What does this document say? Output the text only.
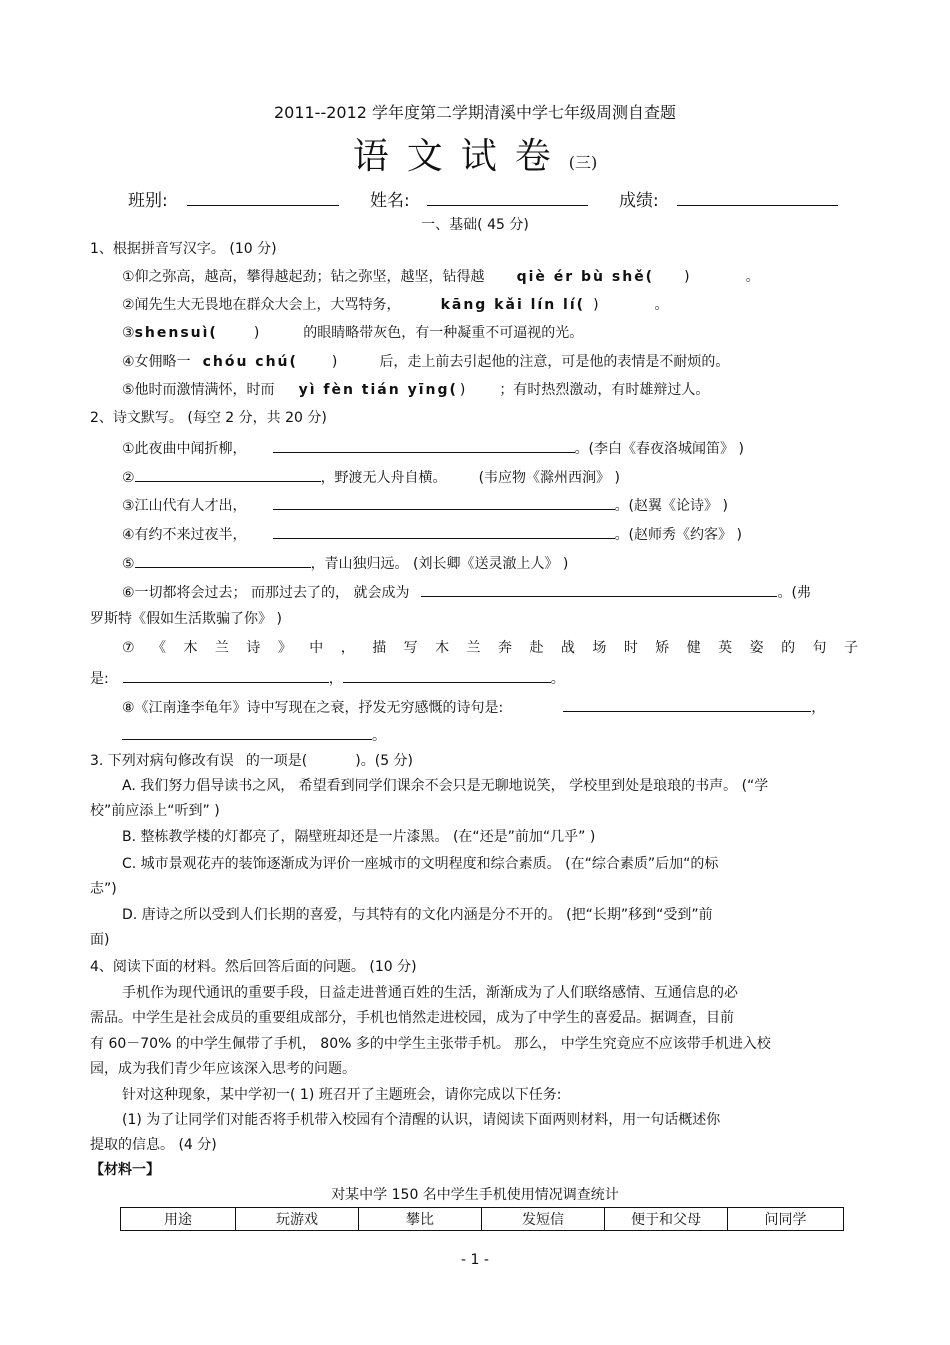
2011--2012 学年度第二学期清溪中学七年级周测自查题
语文试卷(三)
班别:	姓名:	成绩:
一、基础( 45 分)
1、根据拼音写汉字。 (10 分)
①仰之弥高，越高，攀得越起劲；钻之弥坚，越坚，钻得越 qiè ér bù shě( )	。
②闻先生大无畏地在群众大会上，大骂特务，	kāng kǎi lín lí( )	。
③shensuì(	)	的眼睛略带灰色，有一种凝重不可逼视的光。
④女佣略一 chóu chú( )	后，走上前去引起他的注意，可是他的表情是不耐烦的。
⑤他时而激情满怀，时而 yì fèn tián yīng( ) ；有时热烈激动，有时雄辩过人。
2、诗文默写。 (每空 2 分，共 20 分)
①此夜曲中闻折柳，	。(李白《春夜洛城闻笛》 )
②	，野渡无人舟自横。 (韦应物《滁州西涧》 )
③江山代有人才出，	。(赵翼《论诗》 )
④有约不来过夜半，	。(赵师秀《约客》 )
⑤	，青山独归远。 (刘长卿《送灵澈上人》 )
⑥一切都将会过去； 而那过去了的， 就会成为	。(弗
罗斯特《假如生活欺骗了你》 )
⑦ 《 木 兰 诗 》 中 ， 描 写 木 兰 奔 赴 战 场 时 矫 健 英 姿 的 句 子
是:	，	。
⑧《江南逢李龟年》诗中写现在之衰，抒发无穷感慨的诗句是:	，
。
3. 下列对病句修改有误 的一项是(	)。(5 分)
A. 我们努力倡导读书之风， 希望看到同学们课余不会只是无聊地说笑， 学校里到处是琅琅的书声。 (“学
校”前应添上“听到” )
B. 整栋教学楼的灯都亮了，隔壁班却还是一片漆黑。 (在“还是”前加“几乎” )
C. 城市景观花卉的装饰逐渐成为评价一座城市的文明程度和综合素质。 (在“综合素质”后加“的标
志”)
D. 唐诗之所以受到人们长期的喜爱，与其特有的文化内涵是分不开的。 (把“长期”移到“受到”前
面)
4、阅读下面的材料。然后回答后面的问题。 (10 分)
手机作为现代通讯的重要手段，日益走进普通百姓的生活，渐渐成为了人们联络感情、互通信息的必
需品。中学生是社会成员的重要组成部分，手机也悄然走进校园，成为了中学生的喜爱品。据调查，目前
有 60－70% 的中学生佩带了手机， 80% 多的中学生主张带手机。 那么， 中学生究竟应不应该带手机进入校
园，成为我们青少年应该深入思考的问题。
针对这种现象，某中学初一( 1) 班召开了主题班会，请你完成以下任务:
(1) 为了让同学们对能否将手机带入校园有个清醒的认识，请阅读下面两则材料，用一句话概述你
提取的信息。 (4 分)
【材料一】
对某中学 150 名中学生手机使用情况调查统计
用途	玩游戏	攀比	发短信	便于和父母	问同学
- 1 -
